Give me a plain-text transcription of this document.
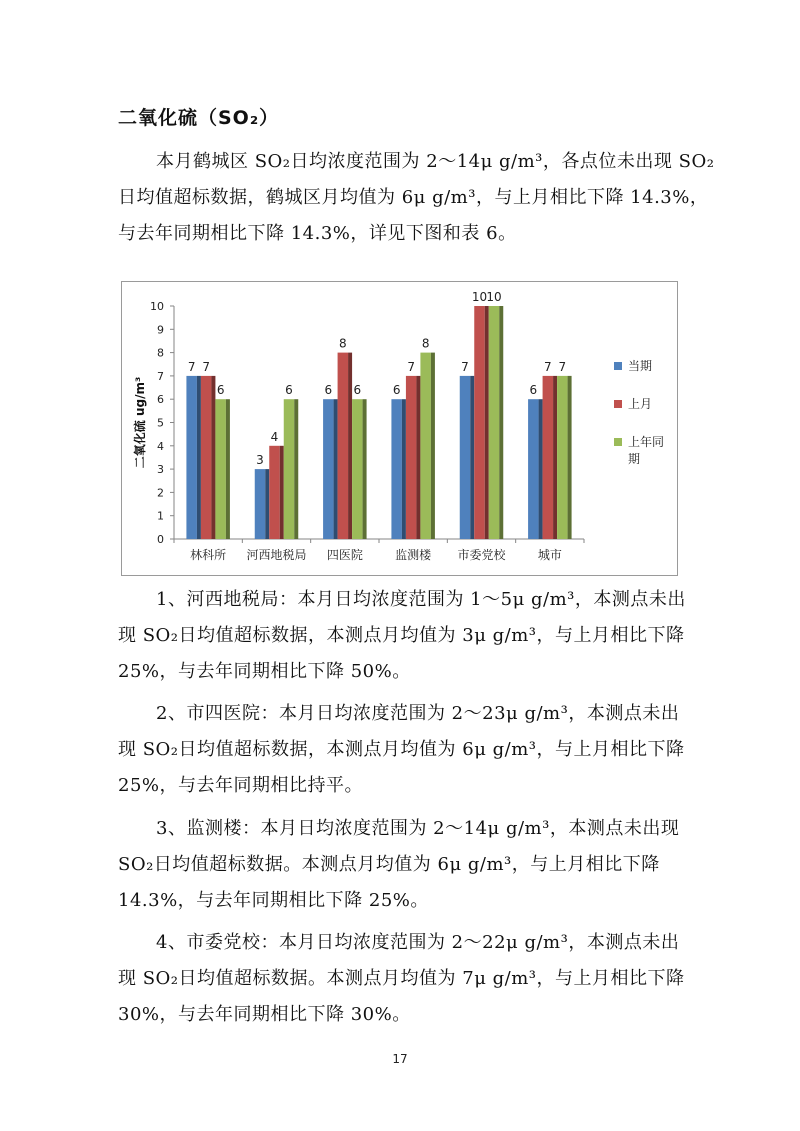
二氧化硫（SO₂）

本月鹤城区 SO₂日均浓度范围为 2～14μ g/m³，各点位未出现 SO₂
日均值超标数据，鹤城区月均值为 6μ g/m³，与上月相比下降 14.3%，
与去年同期相比下降 14.3%，详见下图和表 6。

0
1
2
3
4
5
6
7
8
9
10
二氧化硫 ug/m³
7 7
6
林科所
3
4
6
河西地税局
6
8
6
四医院
6
7
8
监测楼
7
10 10
市委党校
6
7 7
城市
当期
上月
上年同
期

1、河西地税局：本月日均浓度范围为 1～5μ g/m³，本测点未出
现 SO₂日均值超标数据，本测点月均值为 3μ g/m³，与上月相比下降
25%，与去年同期相比下降 50%。

2、市四医院：本月日均浓度范围为 2～23μ g/m³，本测点未出
现 SO₂日均值超标数据，本测点月均值为 6μ g/m³，与上月相比下降
25%，与去年同期相比持平。

3、监测楼：本月日均浓度范围为 2～14μ g/m³，本测点未出现
SO₂日均值超标数据。本测点月均值为 6μ g/m³，与上月相比下降
14.3%，与去年同期相比下降 25%。

4、市委党校：本月日均浓度范围为 2～22μ g/m³，本测点未出
现 SO₂日均值超标数据。本测点月均值为 7μ g/m³，与上月相比下降
30%，与去年同期相比下降 30%。

17
